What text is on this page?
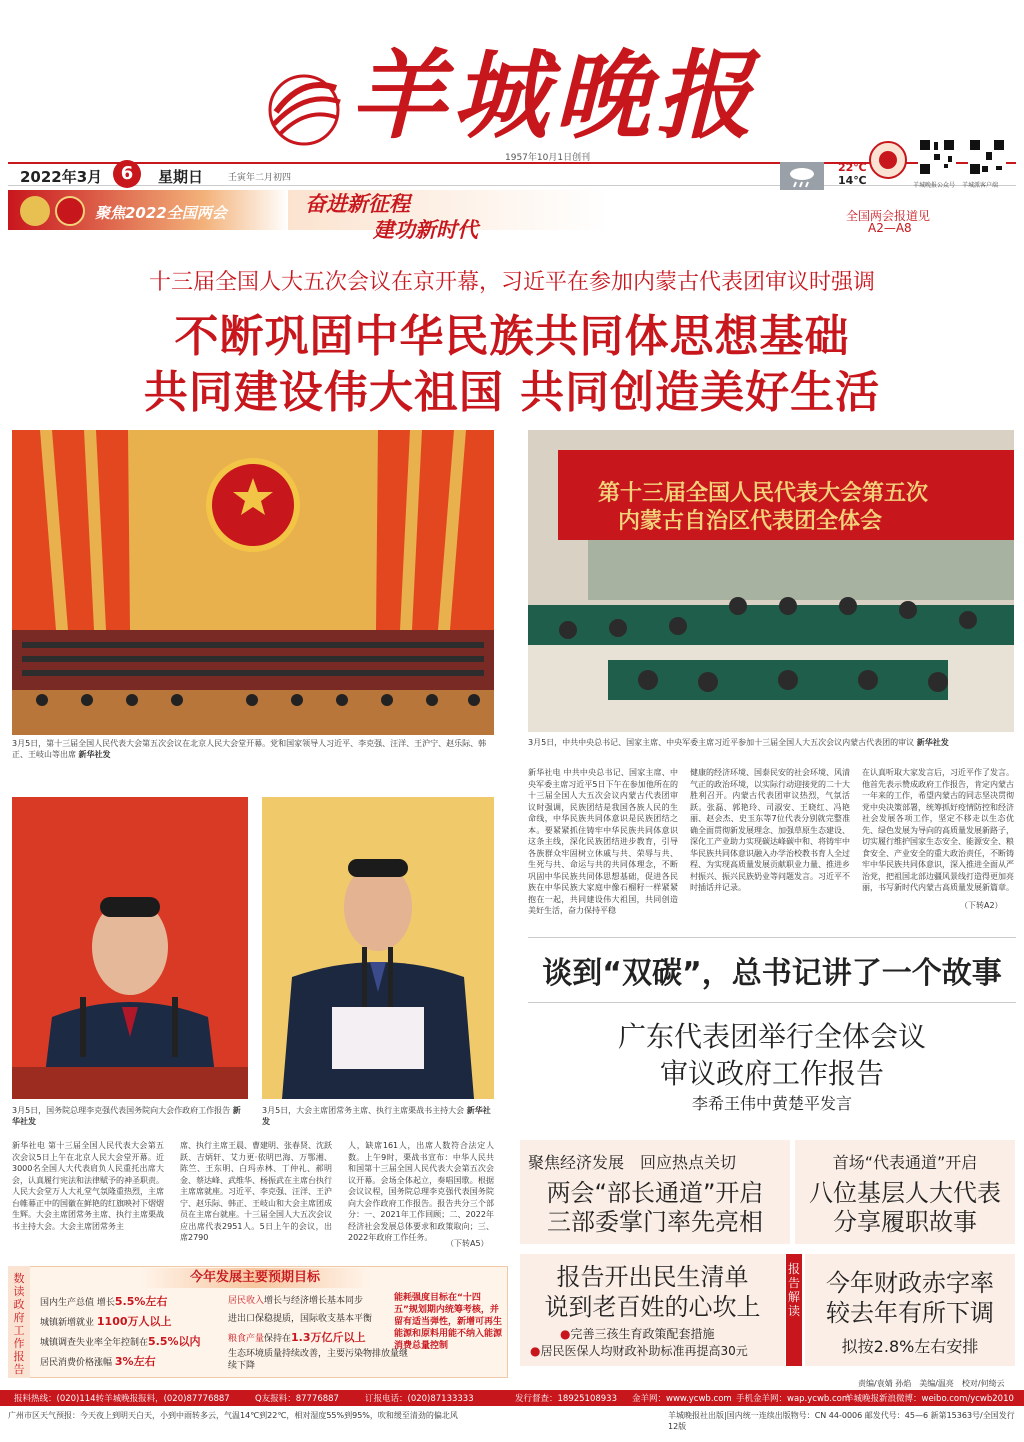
羊城晚报
1957年10月1日创刊
2022年3月	6	星期日	壬寅年二月初四
22℃
14℃	羊城晚报公众号 羊城派客户端
聚焦2022全国两会	奋进新征程
建功新时代
全国两会报道见
A2—A8
十三届全国人大五次会议在京开幕，习近平在参加内蒙古代表团审议时强调
不断巩固中华民族共同体思想基础
共同建设伟大祖国 共同创造美好生活
3月5日，第十三届全国人民代表大会第五次会议在北京人民大会堂开幕。党和国家领导人习近平、李克强、汪洋、王沪宁、赵乐际、韩正、王岐山等出席 新华社发
第十三届全国人民代表大会第五次
内蒙古自治区代表团全体会
3月5日，中共中央总书记、国家主席、中央军委主席习近平参加十三届全国人大五次会议内蒙古代表团的审议 新华社发
3月5日，国务院总理李克强代表国务院向大会作政府工作报告 新华社发
3月5日，大会主席团常务主席、执行主席栗战书主持大会 新华社发
新华社电 中共中央总书记、国家主席、中央军委主席习近平5日下午在参加他所在的十三届全国人大五次会议内蒙古代表团审议时强调，民族团结是我国各族人民的生命线，中华民族共同体意识是民族团结之本。要紧紧抓住铸牢中华民族共同体意识这条主线，深化民族团结进步教育，引导各族群众牢固树立休戚与共、荣辱与共、生死与共、命运与共的共同体理念，不断巩固中华民族共同体思想基础，促进各民族在中华民族大家庭中像石榴籽一样紧紧抱在一起，共同建设伟大祖国，共同创造美好生活，奋力保持平稳
健康的经济环境、国泰民安的社会环境、风清气正的政治环境，以实际行动迎接党的二十大胜利召开。内蒙古代表团审议热烈，气氛活跃。张磊、郭艳玲、司淑安、王晓红、冯艳丽、赵会杰、史玉东等7位代表分别就完整准确全面贯彻新发展理念、加强草原生态建设、深化工产业助力实现碳达峰碳中和、将铸牢中华民族共同体意识融入办学治校教书育人全过程、为实现高质量发展贡献职业力量、推进乡村振兴、振兴民族奶业等问题发言。习近平不时插话并记录。
在认真听取大家发言后，习近平作了发言。他首先表示赞成政府工作报告，肯定内蒙古一年来的工作，希望内蒙古的同志坚决贯彻党中央决策部署，统筹抓好疫情防控和经济社会发展各项工作，坚定不移走以生态优先、绿色发展为导向的高质量发展新路子，切实履行维护国家生态安全、能源安全、粮食安全、产业安全的重大政治责任，不断铸牢中华民族共同体意识，深入推进全面从严治党，把祖国北部边疆风景线打造得更加亮丽，书写新时代内蒙古高质量发展新篇章。
（下转A2）
新华社电 第十三届全国人民代表大会第五次会议5日上午在北京人民大会堂开幕。近3000名全国人大代表肩负人民重托出席大会，认真履行宪法和法律赋予的神圣职责。人民大会堂万人大礼堂气氛隆重热烈，主席台帷幕正中的国徽在鲜艳的红旗映衬下熠熠生辉。大会主席团常务主席、执行主席栗战书主持大会。大会主席团常务主
席、执行主席王晨、曹建明、张春贤、沈跃跃、吉炳轩、艾力更·依明巴海、万鄂湘、陈竺、王东明、白玛赤林、丁仲礼、郝明金、蔡达峰、武维华、杨振武在主席台执行主席席就座。习近平、李克强、汪洋、王沪宁、赵乐际、韩正、王岐山和大会主席团成员在主席台就座。十三届全国人大五次会议应出席代表2951人。5日上午的会议，出席2790
人，缺席161人，出席人数符合法定人数。上午9时，栗战书宣布：中华人民共和国第十三届全国人民代表大会第五次会议开幕。会场全体起立，奏唱国歌。根据会议议程，国务院总理李克强代表国务院向大会作政府工作报告。报告共分三个部分：一、2021年工作回顾；二、2022年经济社会发展总体要求和政策取向；三、2022年政府工作任务。
（下转A5）
谈到“双碳”，总书记讲了一个故事
广东代表团举行全体会议
审议政府工作报告
李希王伟中黄楚平发言
聚焦经济发展　回应热点关切
两会“部长通道”开启
三部委掌门率先亮相
首场“代表通道”开启
八位基层人大代表
分享履职故事
报告开出民生清单
说到老百姓的心坎上
●完善三孩生育政策配套措施
●居民医保人均财政补助标准再提高30元
报告解读
今年财政赤字率
较去年有所下调
拟按2.8%左右安排
数读政府工作报告
今年发展主要预期目标
国内生产总值 增长5.5%左右
城镇新增就业 1100万人以上
城镇调查失业率全年控制在5.5%以内
居民消费价格涨幅 3%左右
居民收入增长与经济增长基本同步
进出口保稳提质，国际收支基本平衡
粮食产量保持在1.3万亿斤以上
生态环境质量持续改善，主要污染物排放量继续下降
能耗强度目标在“十四五”规划期内统筹考核，并留有适当弹性，新增可再生能源和原料用能不纳入能源消费总量控制
责编/袁婧 孙焰　美编/温亮　校对/何绮云
报料热线：(020)114转羊城晚报报料，(020)87776887	Q友报料：87776887	订报电话：(020)87133333	发行督查：18925108933 金羊网：www.ycwb.com 手机金羊网：wap.ycwb.com
羊城晚报新浪微博：weibo.com/ycwb2010
广州市区天气预报：今天夜上到明天白天，小到中雨转多云，气温14℃到22℃，相对湿度55%到95%，吹和缓至清劲的偏北风	羊城晚报社出版|国内统一连续出版物号：CN 44-0006 邮发代号：45—6 新第15363号/全国发行12版
